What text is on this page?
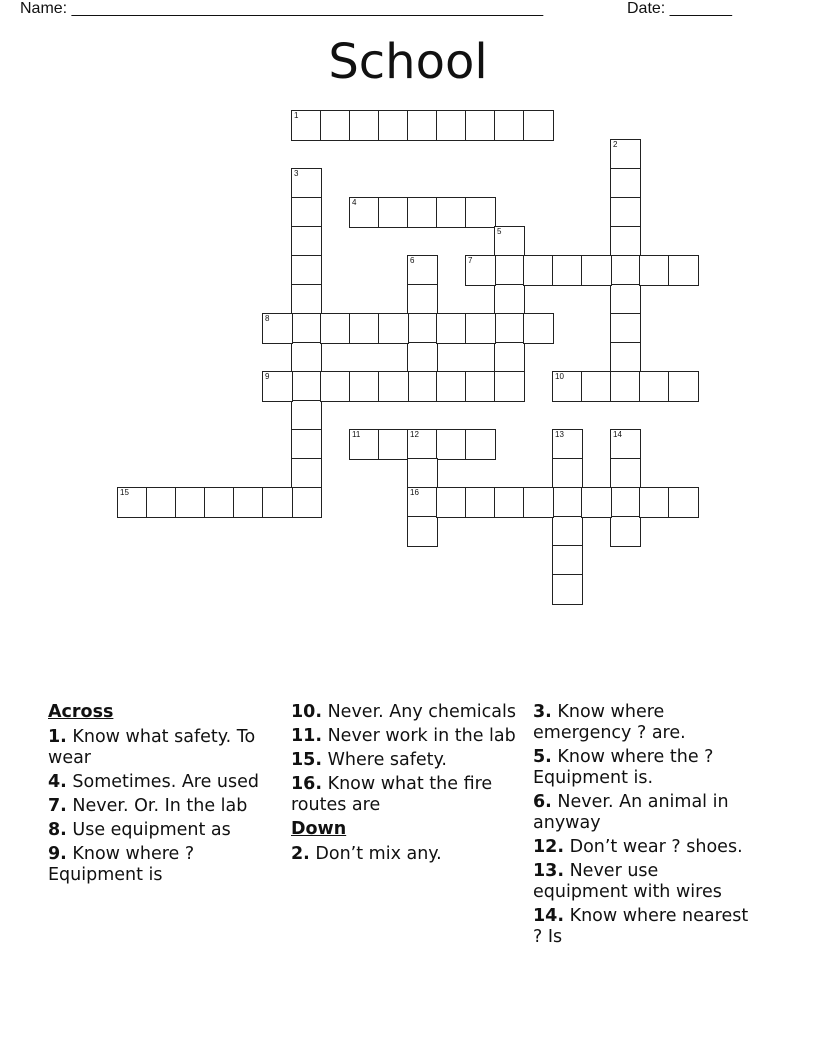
Name: _____________________________________________________	Date: _______
School
1
2
3
4
5
6	7
8
9	10
11	12
16
13	14
15
Across
1. Know what safety. To wear
4. Sometimes. Are used
7. Never. Or. In the lab
8. Use equipment as
9. Know where ? Equipment is
10. Never. Any chemicals
11. Never work in the lab
15. Where safety.
16. Know what the fire routes are
Down
2. Don’t mix any.
3. Know where emergency ? are.
5. Know where the ? Equipment is.
6. Never. An animal in anyway
12. Don’t wear ? shoes.
13. Never use equipment with wires
14. Know where nearest ? Is
